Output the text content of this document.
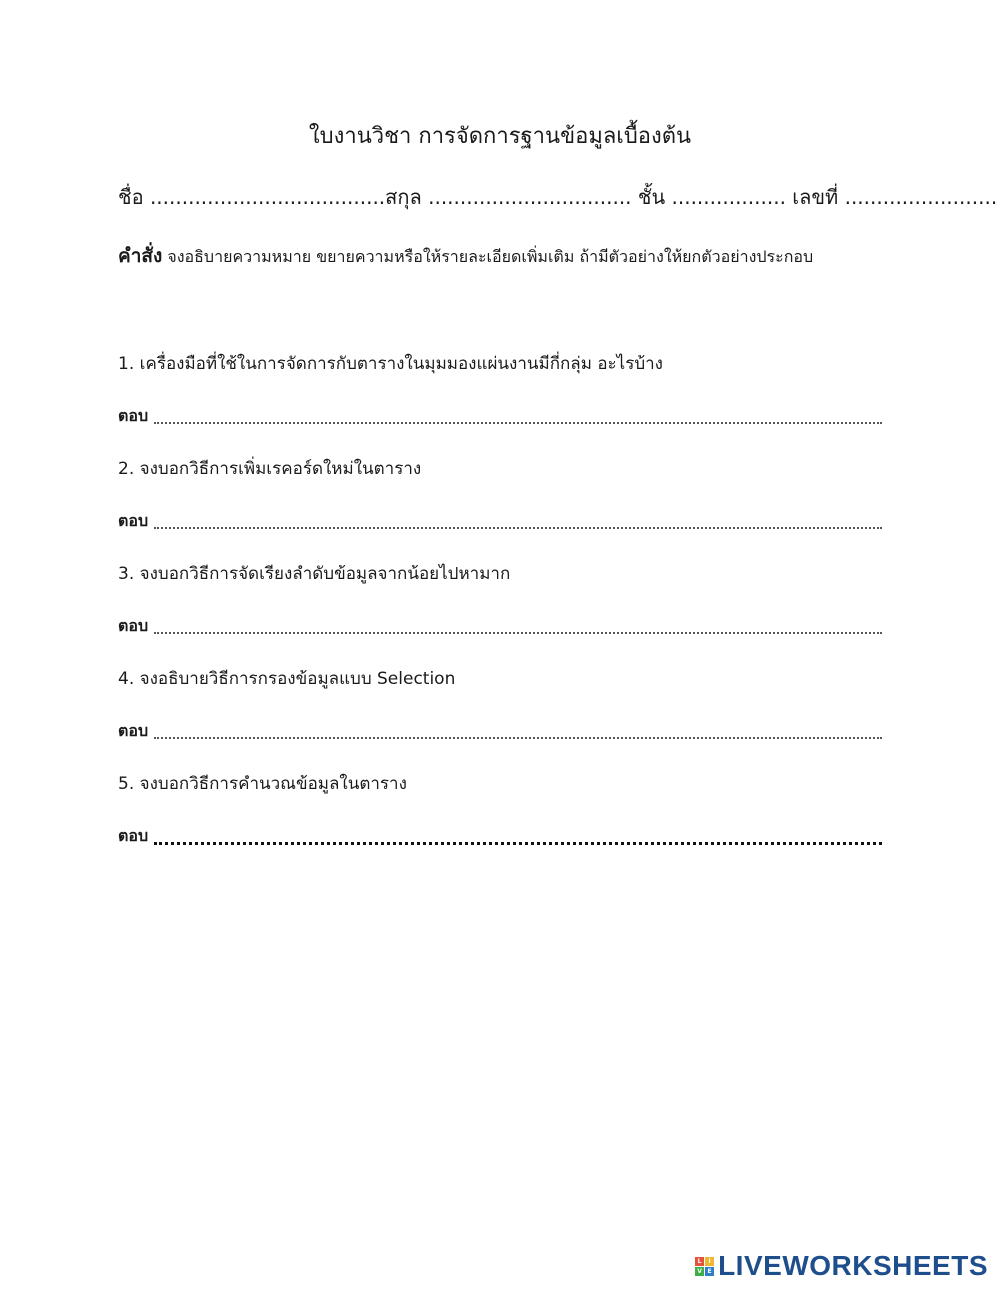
ใบงานวิชา การจัดการฐานข้อมูลเบื้องต้น
ชื่อ .....................................สกุล ................................ ชั้น .................. เลขที่ ........................
คำสั่ง จงอธิบายความหมาย ขยายความหรือให้รายละเอียดเพิ่มเติม ถ้ามีตัวอย่างให้ยกตัวอย่างประกอบ
1. เครื่องมือที่ใช้ในการจัดการกับตารางในมุมมองแผ่นงานมีกี่กลุ่ม อะไรบ้าง
ตอบ
2. จงบอกวิธีการเพิ่มเรคอร์ดใหม่ในตาราง
ตอบ
3. จงบอกวิธีการจัดเรียงลำดับข้อมูลจากน้อยไปหามาก
ตอบ
4. จงอธิบายวิธีการกรองข้อมูลแบบ Selection
ตอบ
5. จงบอกวิธีการคำนวณข้อมูลในตาราง
ตอบ
L	I
V E LIVEWORKSHEETS
